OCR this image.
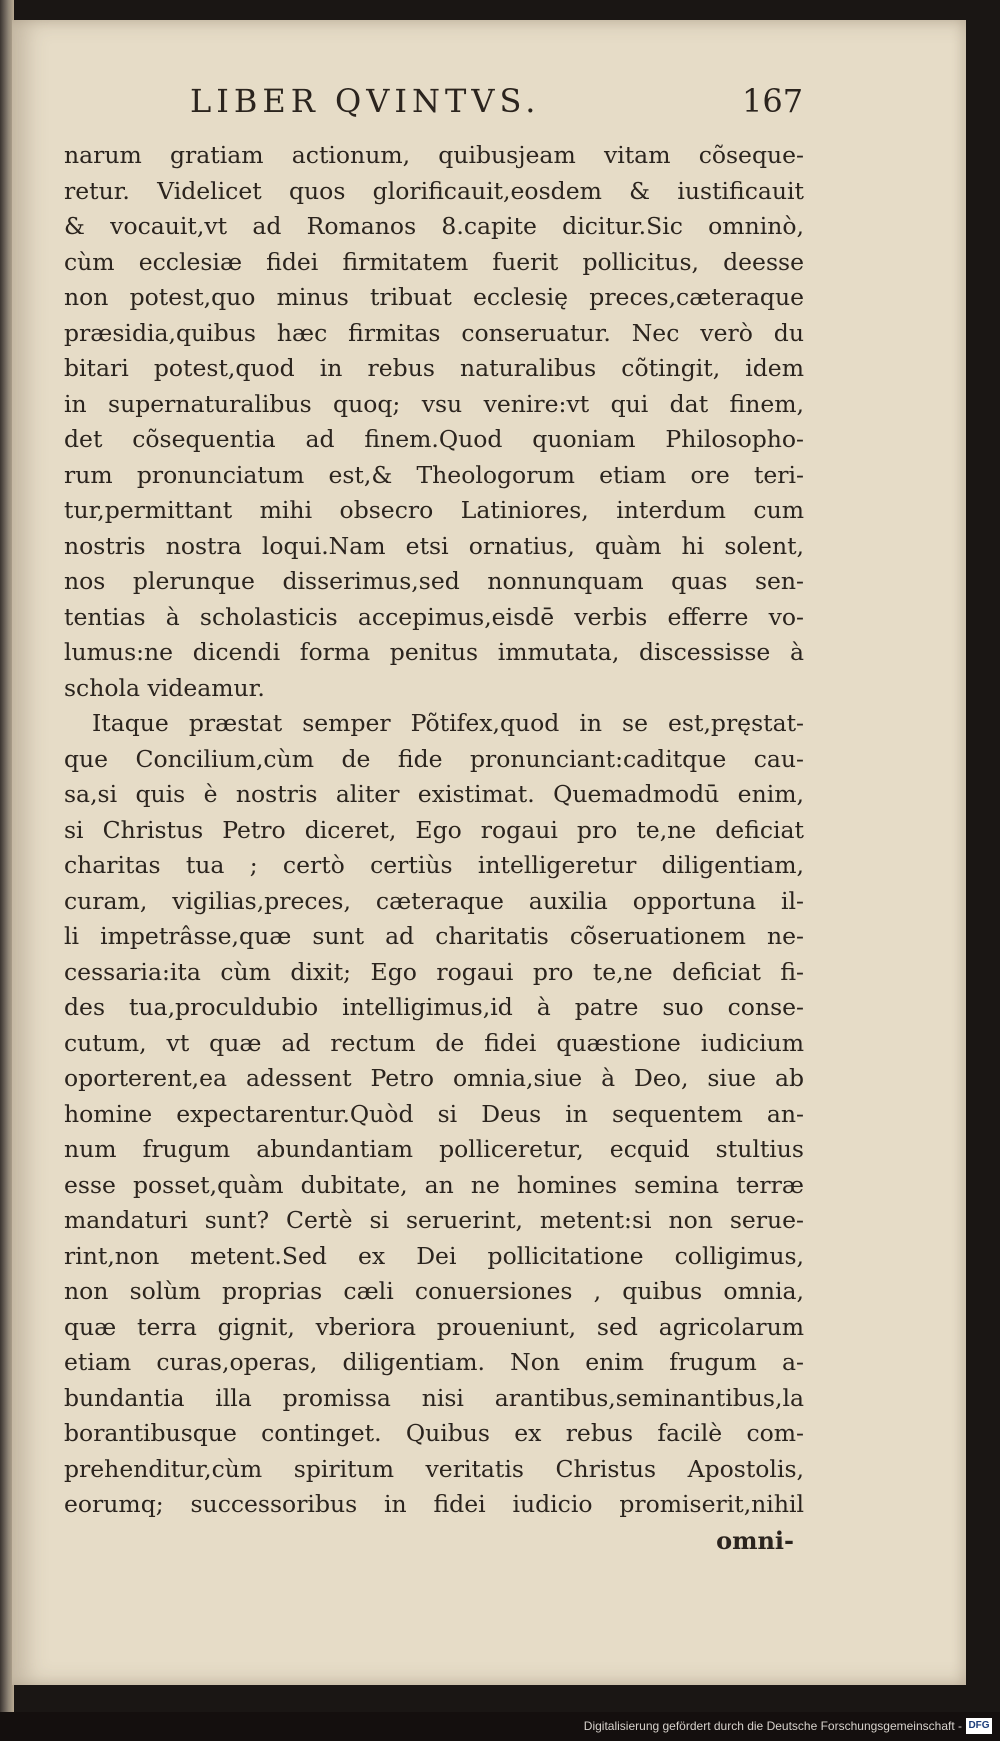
LIBER QVINTVS.	167
narum gratiam actionum, quibusjeam vitam cõseque-
retur. Videlicet quos glorificauit,eosdem & iustificauit
& vocauit,vt ad Romanos 8.capite dicitur.Sic omninò,
cùm ecclesiæ fidei firmitatem fuerit pollicitus, deesse
non potest,quo minus tribuat ecclesię preces,cæteraque
præsidia,quibus hæc firmitas conseruatur. Nec verò du
bitari potest,quod in rebus naturalibus cõtingit, idem
in supernaturalibus quoq; vsu venire:vt qui dat finem,
det cõsequentia ad finem.Quod quoniam Philosopho-
rum pronunciatum est,& Theologorum etiam ore teri-
tur,permittant mihi obsecro Latiniores, interdum cum
nostris nostra loqui.Nam etsi ornatius, quàm hi solent,
nos plerunque disserimus,sed nonnunquam quas sen-
tentias à scholasticis accepimus,eisdē verbis efferre vo-
lumus:ne dicendi forma penitus immutata, discessisse à
schola videamur.
Itaque præstat semper Põtifex,quod in se est,pręstat-
que Concilium,cùm de fide pronunciant:caditque cau-
sa,si quis è nostris aliter existimat. Quemadmodū enim,
si Christus Petro diceret, Ego rogaui pro te,ne deficiat
charitas tua ; certò certiùs intelligeretur diligentiam,
curam, vigilias,preces, cæteraque auxilia opportuna il-
li impetrâsse,quæ sunt ad charitatis cõseruationem ne-
cessaria:ita cùm dixit; Ego rogaui pro te,ne deficiat fi-
des tua,proculdubio intelligimus,id à patre suo conse-
cutum, vt quæ ad rectum de fidei quæstione iudicium
oporterent,ea adessent Petro omnia,siue à Deo, siue ab
homine expectarentur.Quòd si Deus in sequentem an-
num frugum abundantiam polliceretur, ecquid stultius
esse posset,quàm dubitate, an ne homines semina terræ
mandaturi sunt? Certè si seruerint, metent:si non serue-
rint,non metent.Sed ex Dei pollicitatione colligimus,
non solùm proprias cæli conuersiones , quibus omnia,
quæ terra gignit, vberiora proueniunt, sed agricolarum
etiam curas,operas, diligentiam. Non enim frugum a-
bundantia illa promissa nisi arantibus,seminantibus,la
borantibusque continget. Quibus ex rebus facilè com-
prehenditur,cùm spiritum veritatis Christus Apostolis,
eorumq; successoribus in fidei iudicio promiserit,nihil
omni-
Digitalisierung gefördert durch die Deutsche Forschungsgemeinschaft - DFG
